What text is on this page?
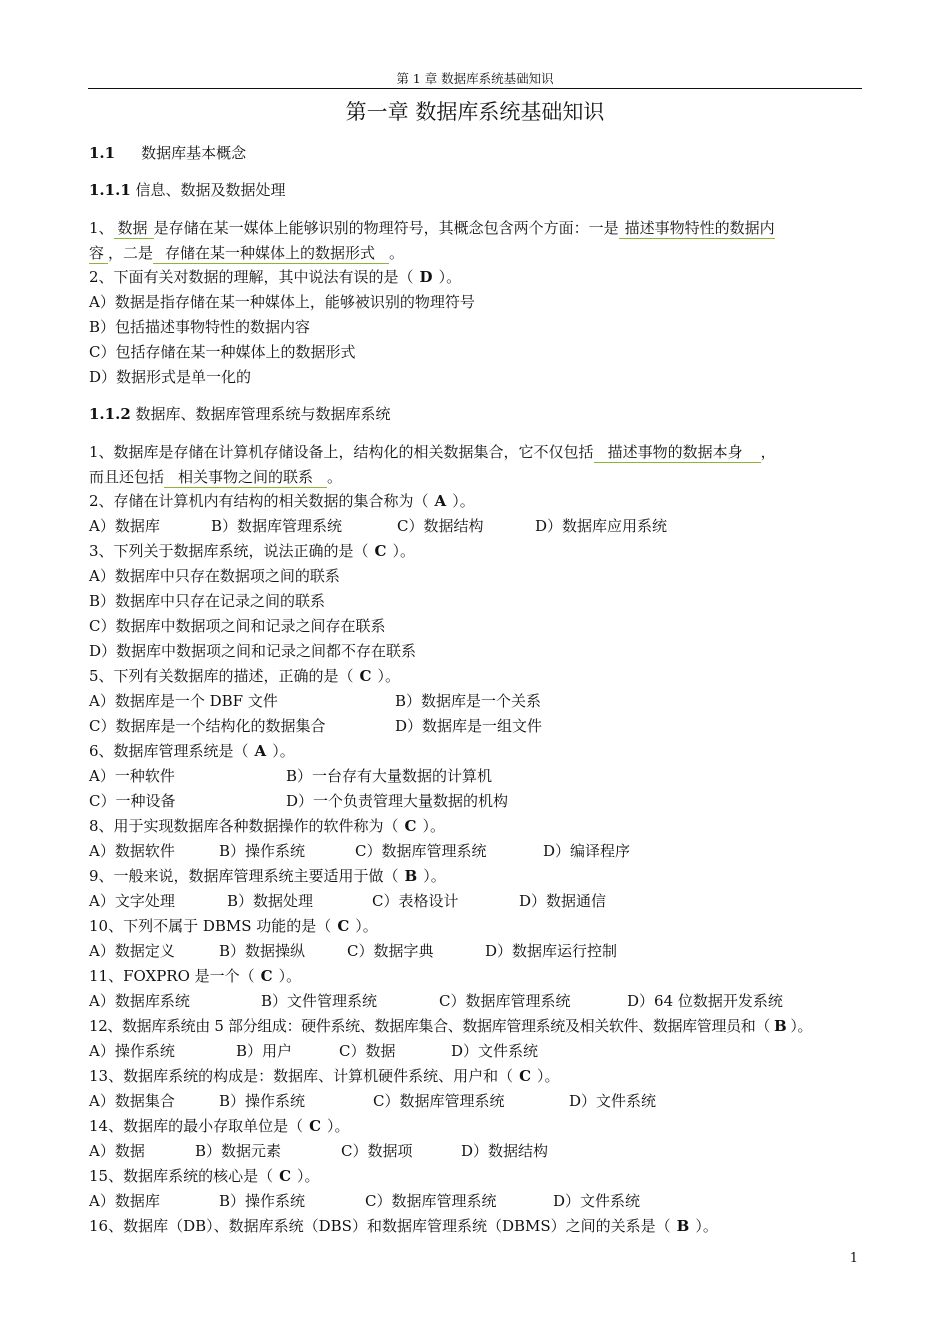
第 1 章 数据库系统基础知识
第一章 数据库系统基础知识
1.1 数据库基本概念
1.1.1 信息、数据及数据处理
1、 数据 是存储在某一媒体上能够识别的物理符号，其概念包含两个方面：一是 描述事物特性的数据内
容 ，二是 存储在某一种媒体上的数据形式 。
2、下面有关对数据的理解，其中说法有误的是（ D ）。
A）数据是指存储在某一种媒体上，能够被识别的物理符号
B）包括描述事物特性的数据内容
C）包括存储在某一种媒体上的数据形式
D）数据形式是单一化的
1.1.2 数据库、数据库管理系统与数据库系统
1、数据库是存储在计算机存储设备上，结构化的相关数据集合，它不仅包括 描述事物的数据本身 ，
而且还包括 相关事物之间的联系 。
2、存储在计算机内有结构的相关数据的集合称为（ A ）。
A）数据库	B）数据库管理系统	C）数据结构	D）数据库应用系统
3、下列关于数据库系统，说法正确的是（ C ）。
A）数据库中只存在数据项之间的联系
B）数据库中只存在记录之间的联系
C）数据库中数据项之间和记录之间存在联系
D）数据库中数据项之间和记录之间都不存在联系
5、下列有关数据库的描述，正确的是（ C ）。
A）数据库是一个 DBF 文件	B）数据库是一个关系
C）数据库是一个结构化的数据集合	D）数据库是一组文件
6、数据库管理系统是（ A ）。
A）一种软件	B）一台存有大量数据的计算机
C）一种设备	D）一个负责管理大量数据的机构
8、用于实现数据库各种数据操作的软件称为（ C ）。
A）数据软件	B）操作系统	C）数据库管理系统	D）编译程序
9、一般来说，数据库管理系统主要适用于做（ B ）。
A）文字处理	B）数据处理	C）表格设计	D）数据通信
10、下列不属于 DBMS 功能的是（ C ）。
A）数据定义	B）数据操纵	C）数据字典	D）数据库运行控制
11、FOXPRO 是一个（ C ）。
A）数据库系统	B）文件管理系统	C）数据库管理系统	D）64 位数据开发系统
12、数据库系统由 5 部分组成：硬件系统、数据库集合、数据库管理系统及相关软件、数据库管理员和（ B ）。
A）操作系统	B）用户	C）数据	D）文件系统
13、数据库系统的构成是：数据库、计算机硬件系统、用户和（ C ）。
A）数据集合	B）操作系统	C）数据库管理系统	D）文件系统
14、数据库的最小存取单位是（ C ）。
A）数据	B）数据元素	C）数据项	D）数据结构
15、数据库系统的核心是（ C ）。
A）数据库	B）操作系统	C）数据库管理系统	D）文件系统
16、数据库（DB）、数据库系统（DBS）和数据库管理系统（DBMS）之间的关系是（ B ）。
1
